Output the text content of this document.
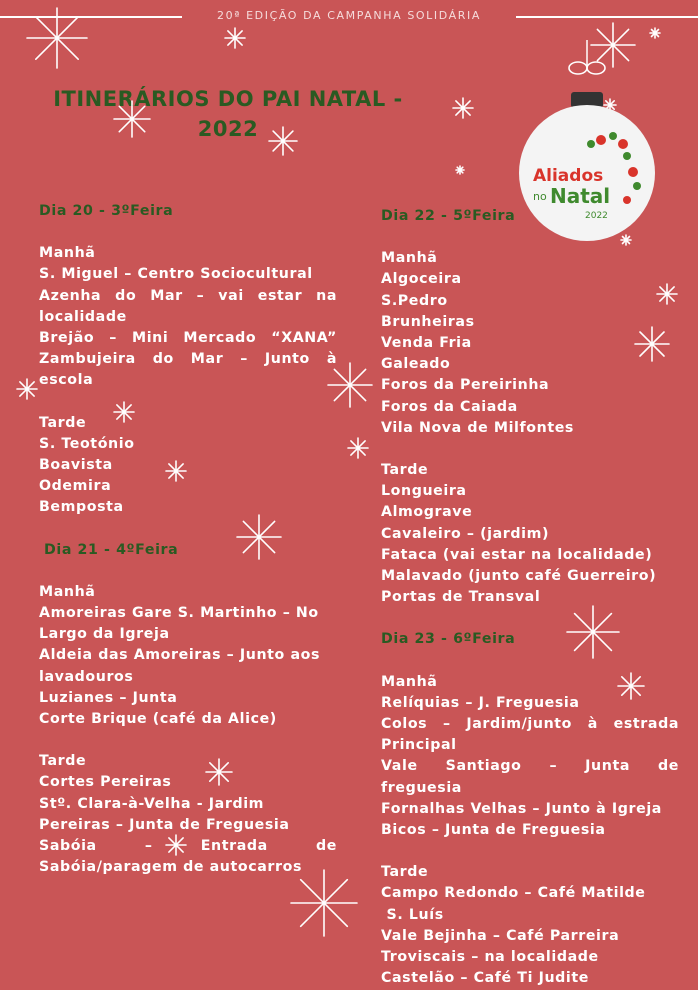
20ª EDIÇÃO DA CAMPANHA SOLIDÁRIA
ITINERÁRIOS DO PAI NATAL -
2022
Aliados
no Natal
2022

Dia 20 - 3ºFeira

Manhã

S. Miguel – Centro Sociocultural

Azenha do Mar – vai estar na

localidade

Brejão – Mini Mercado “XANA”

Zambujeira do Mar – Junto à

escola

Tarde

S. Teotónio

Boavista

Odemira

Bemposta

Dia 21 - 4ºFeira

Manhã

Amoreiras Gare S. Martinho – No

Largo da Igreja

Aldeia das Amoreiras – Junto aos

lavadouros

Luzianes – Junta

Corte Brique (café da Alice)

Tarde

Cortes Pereiras

Stº. Clara-à-Velha - Jardim

Pereiras – Junta de Freguesia

Sabóia – Entrada de

Sabóia/paragem de autocarros

Dia 22 - 5ºFeira

Manhã

Algoceira

S.Pedro

Brunheiras

Venda Fria

Galeado

Foros da Pereirinha

Foros da Caiada

Vila Nova de Milfontes

Tarde

Longueira

Almograve

Cavaleiro – (jardim)

Fataca (vai estar na localidade)

Malavado (junto café Guerreiro)

Portas de Transval

Dia 23 - 6ºFeira

Manhã

Relíquias – J. Freguesia

Colos – Jardim/junto à estrada

Principal

Vale Santiago – Junta de

freguesia

Fornalhas Velhas – Junto à Igreja

Bicos – Junta de Freguesia

Tarde

Campo Redondo – Café Matilde

S. Luís

Vale Bejinha – Café Parreira

Troviscais – na localidade

Castelão – Café Ti Judite
